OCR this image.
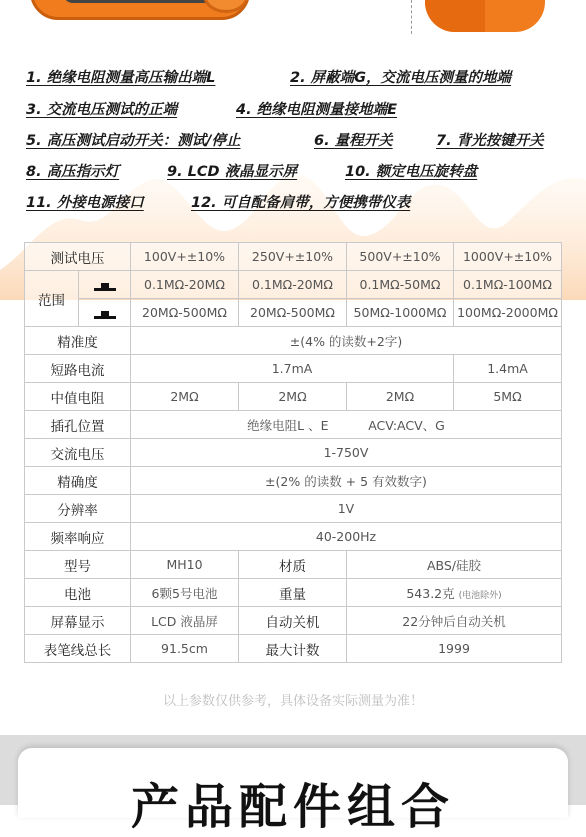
1. 绝缘电阻测量高压输出端L	2. 屏蔽端G，交流电压测量的地端
3. 交流电压测试的正端	4. 绝缘电阻测量接地端E
5. 高压测试启动开关：测试/停止	6. 量程开关	7. 背光按键开关
8. 高压指示灯	9. LCD 液晶显示屏	10. 额定电压旋转盘
11. 外接电源接口	12. 可自配备肩带，方便携带仪表
测试电压		100V+±10%	250V+±10%	500V+±10%	1000V+±10%
范围		0.1MΩ-20MΩ	0.1MΩ-20MΩ	0.1MΩ-50MΩ	0.1MΩ-100MΩ
		20MΩ-500MΩ	20MΩ-500MΩ	50MΩ-1000MΩ	100MΩ-2000MΩ
精准度		±(4% 的读数+2字)			
短路电流		1.7mA			1.4mA
中值电阻		2MΩ	2MΩ	2MΩ	5MΩ
插孔位置		绝缘电阻L 、E          ACV:ACV、G			
交流电压		1-750V			
精确度		±(2% 的读数 + 5 有效数字)			
分辨率		1V			
频率响应		40-200Hz			
型号		MH10	材质	ABS/硅胶	
电池		6颗5号电池	重量	543.2克 (电池除外)	
屏幕显示		LCD 液晶屏	自动关机	22分钟后自动关机	
表笔线总长		91.5cm	最大计数	1999	
以上参数仅供参考，具体设备实际测量为准！
产品配件组合
